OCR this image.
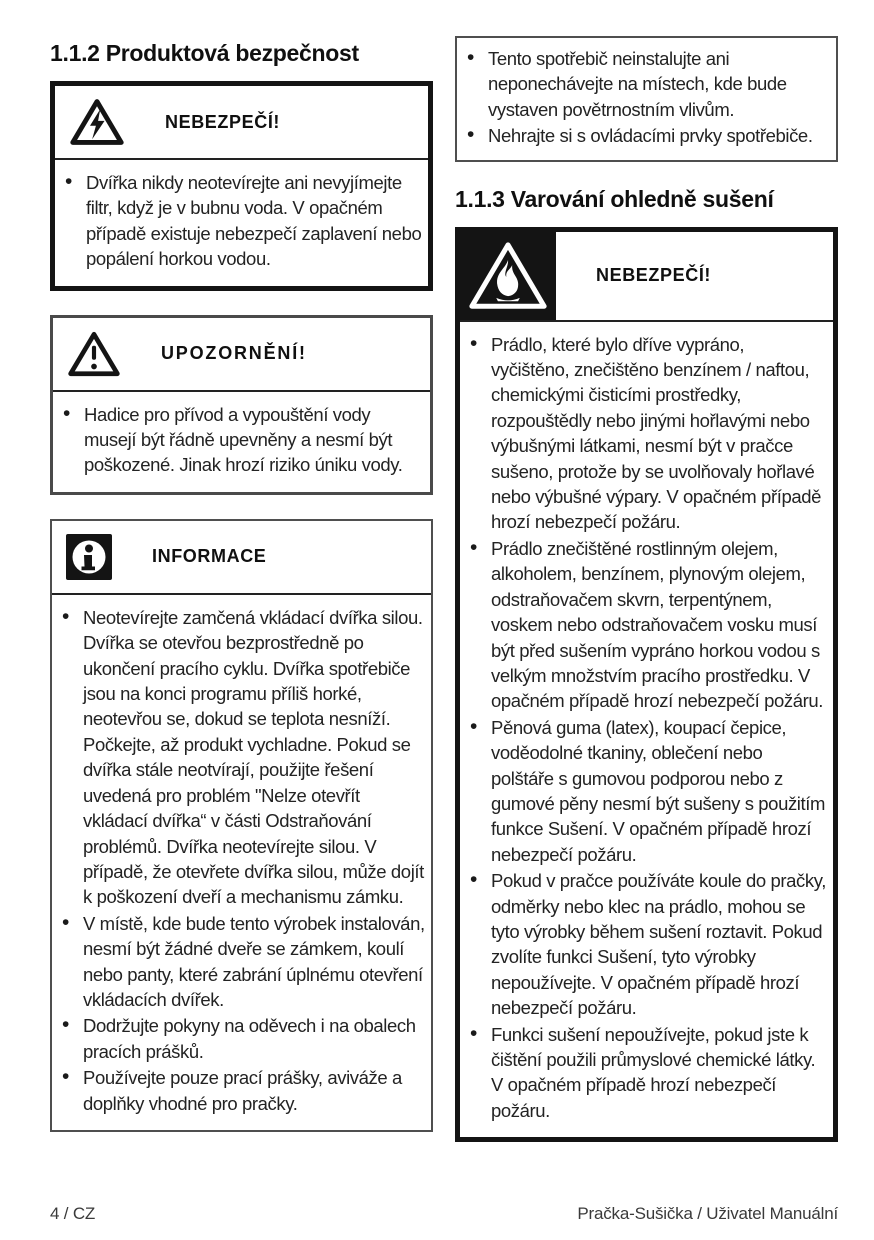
1.1.2 Produktová bezpečnost
NEBEZPEČÍ!
• Dvířka nikdy neotevírejte ani nevyjímejte filtr, když je v bubnu voda. V opačném případě existuje nebezpečí zaplavení nebo popálení horkou vodou.
UPOZORNĚNÍ!
• Hadice pro přívod a vypouštění vody musejí být řádně upevněny a nesmí být poškozené. Jinak hrozí riziko úniku vody.
INFORMACE
• Neotevírejte zamčená vkládací dvířka silou. Dvířka se otevřou bezprostředně po ukončení pracího cyklu. Dvířka spotřebiče jsou na konci programu příliš horké, neotevřou se, dokud se teplota nesníží. Počkejte, až produkt vychladne. Pokud se dvířka stále neotvírají, použijte řešení uvedená pro problém "Nelze otevřít vkládací dvířka“ v části Odstraňování problémů. Dvířka neotevírejte silou. V případě, že otevřete dvířka silou, může dojít k poškození dveří a mechanismu zámku.
• V místě, kde bude tento výrobek instalován, nesmí být žádné dveře se zámkem, koulí nebo panty, které zabrání úplnému otevření vkládacích dvířek.
• Dodržujte pokyny na oděvech i na obalech pracích prášků.
• Používejte pouze prací prášky, aviváže a doplňky vhodné pro pračky.
• Tento spotřebič neinstalujte ani neponechávejte na místech, kde bude vystaven povětrnostním vlivům.
• Nehrajte si s ovládacími prvky spotřebiče.
1.1.3 Varování ohledně sušení
NEBEZPEČÍ!
• Prádlo, které bylo dříve vypráno, vyčištěno, znečištěno benzínem / naftou, chemickými čisticími prostředky, rozpouštědly nebo jinými hořlavými nebo výbušnými látkami, nesmí být v pračce sušeno, protože by se uvolňovaly hořlavé nebo výbušné výpary. V opačném případě hrozí nebezpečí požáru.
• Prádlo znečištěné rostlinným olejem, alkoholem, benzínem, plynovým olejem, odstraňovačem skvrn, terpentýnem, voskem nebo odstraňovačem vosku musí být před sušením vypráno horkou vodou s velkým množstvím pracího prostředku. V opačném případě hrozí nebezpečí požáru.
• Pěnová guma (latex), koupací čepice, voděodolné tkaniny, oblečení nebo polštáře s gumovou podporou nebo z gumové pěny nesmí být sušeny s použitím funkce Sušení. V opačném případě hrozí nebezpečí požáru.
• Pokud v pračce používáte koule do pračky, odměrky nebo klec na prádlo, mohou se tyto výrobky během sušení roztavit. Pokud zvolíte funkci Sušení, tyto výrobky nepoužívejte. V opačném případě hrozí nebezpečí požáru.
• Funkci sušení nepoužívejte, pokud jste k čištění použili průmyslové chemické látky. V opačném případě hrozí nebezpečí požáru.
4 / CZ	Pračka-Sušička / Uživatel Manuální
